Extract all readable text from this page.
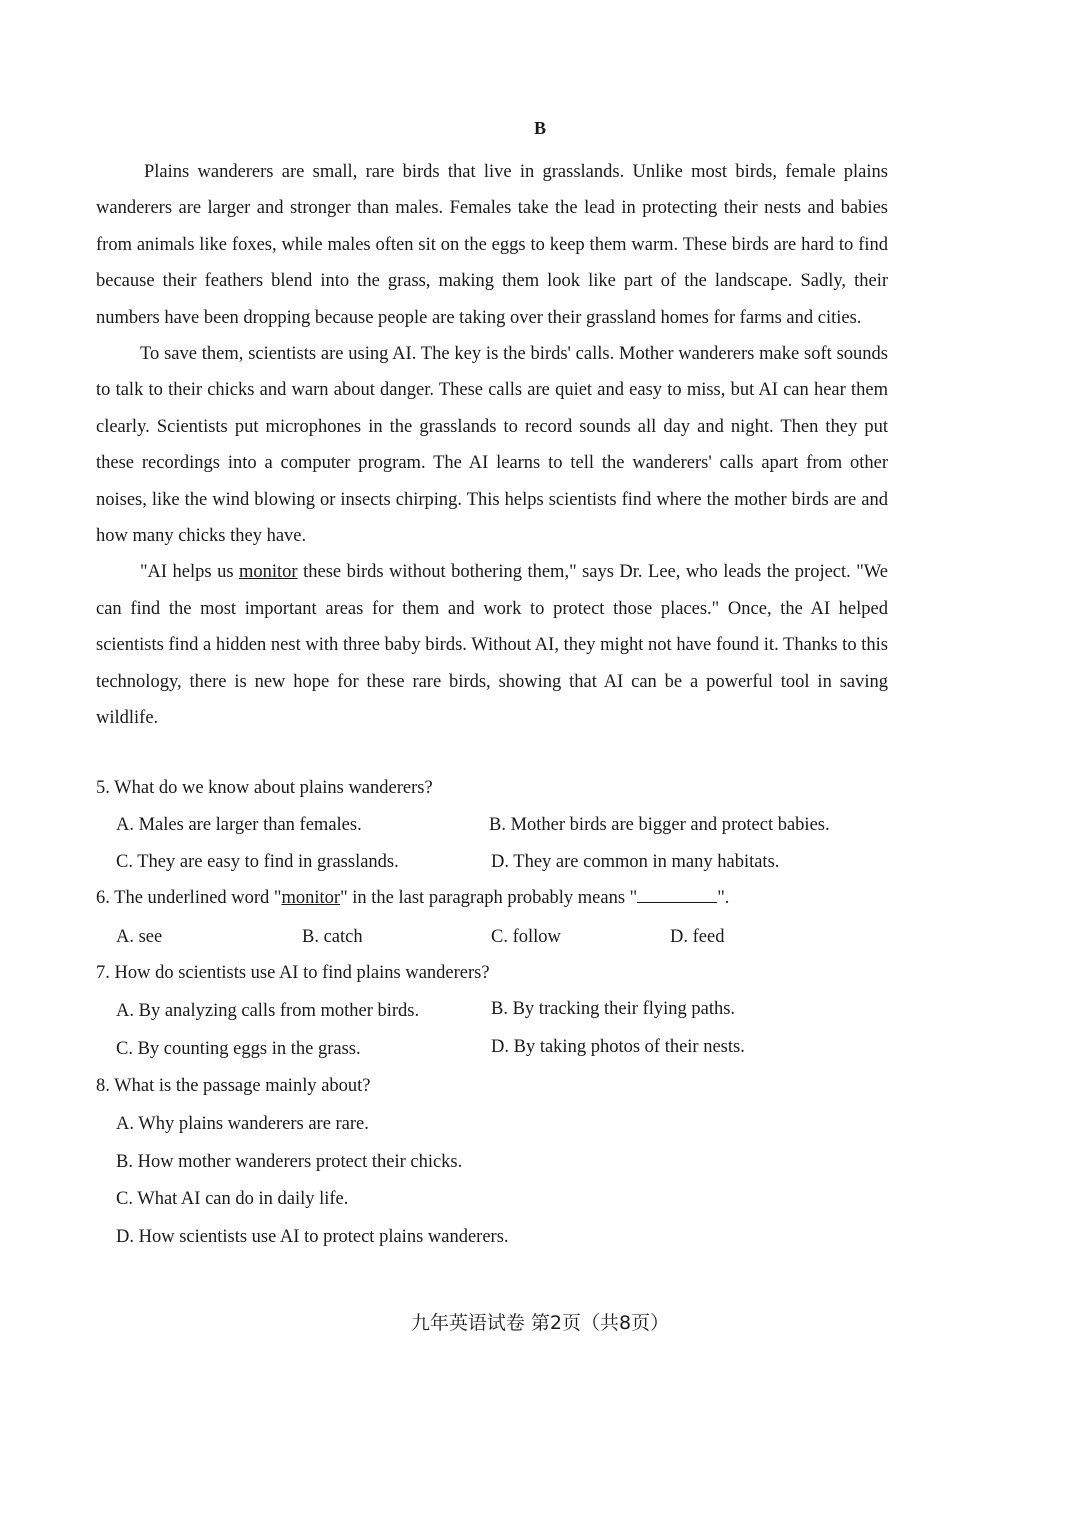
B

Plains wanderers are small, rare birds that live in grasslands. Unlike most birds, female plains wanderers are larger and stronger than males. Females take the lead in protecting their nests and babies from animals like foxes, while males often sit on the eggs to keep them warm. These birds are hard to find because their feathers blend into the grass, making them look like part of the landscape. Sadly, their numbers have been dropping because people are taking over their grassland homes for farms and cities.

To save them, scientists are using AI. The key is the birds' calls. Mother wanderers make soft sounds to talk to their chicks and warn about danger. These calls are quiet and easy to miss, but AI can hear them clearly. Scientists put microphones in the grasslands to record sounds all day and night. Then they put these recordings into a computer program. The AI learns to tell the wanderers' calls apart from other noises, like the wind blowing or insects chirping. This helps scientists find where the mother birds are and how many chicks they have.

"AI helps us monitor these birds without bothering them," says Dr. Lee, who leads the project. "We can find the most important areas for them and work to protect those places." Once, the AI helped scientists find a hidden nest with three baby birds. Without AI, they might not have found it. Thanks to this technology, there is new hope for these rare birds, showing that AI can be a powerful tool in saving wildlife.

5. What do we know about plains wanderers?
A. Males are larger than females.	B. Mother birds are bigger and protect babies.
C. They are easy to find in grasslands.	D. They are common in many habitats.
6. The underlined word "monitor" in the last paragraph probably means "	".
A. see	B. catch	C. follow	D. feed
7. How do scientists use AI to find plains wanderers?
A. By analyzing calls from mother birds.	B. By tracking their flying paths.
C. By counting eggs in the grass.	D. By taking photos of their nests.
8. What is the passage mainly about?
A. Why plains wanderers are rare.
B. How mother wanderers protect their chicks.
C. What AI can do in daily life.
D. How scientists use AI to protect plains wanderers.
九年英语试卷 第2页（共8页）
